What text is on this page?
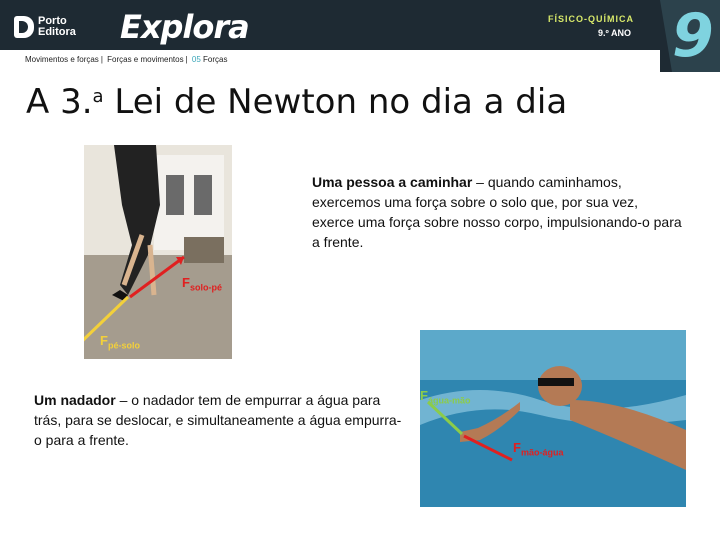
Porto
Editora Explora	FÍSICO-QUÍMICA
9.º ANO 9
Movimentos e forças | Forças e movimentos | 05 Forças
A 3.$^a$ Lei de Newton no dia a dia
$F_{solo-pé}$
$F_{pé-solo}$
Uma pessoa a caminhar – quando caminhamos, exercemos uma força sobre o solo que, por sua vez, exerce uma força sobre nosso corpo, impulsionando-o para a frente.
Um nadador – o nadador tem de empurrar a água para trás, para se deslocar, e simultaneamente a água empurra-o para a frente.
$F_{água-mão}$
$F_{mão-água}$
